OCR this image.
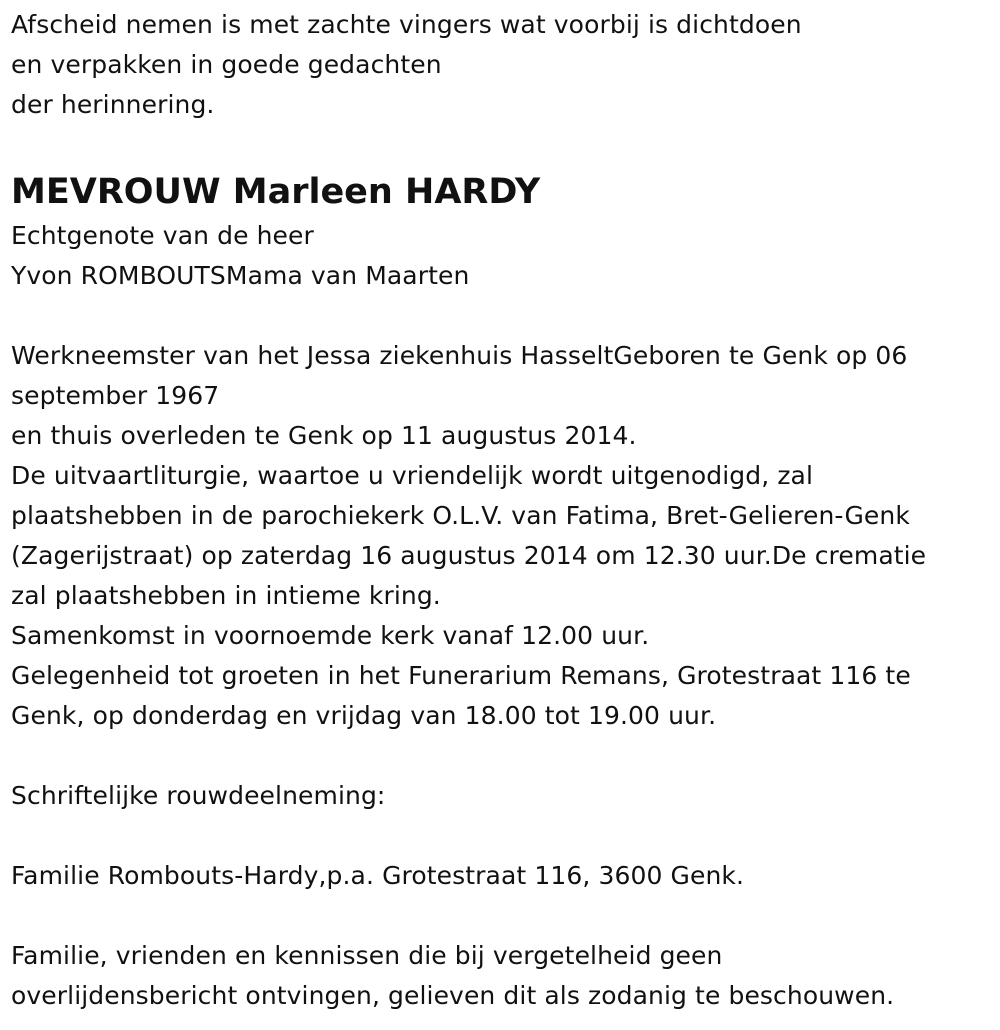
Afscheid nemen is met zachte vingers wat voorbij is dichtdoen
en verpakken in goede gedachten
der herinnering.
MEVROUW Marleen HARDY
Echtgenote van de heer
Yvon ROMBOUTSMama van Maarten
Werkneemster van het Jessa ziekenhuis HasseltGeboren te Genk op 06
september 1967
en thuis overleden te Genk op 11 augustus 2014.
De uitvaartliturgie, waartoe u vriendelijk wordt uitgenodigd, zal
plaatshebben in de parochiekerk O.L.V. van Fatima, Bret-Gelieren-Genk
(Zagerijstraat) op zaterdag 16 augustus 2014 om 12.30 uur.De crematie
zal plaatshebben in intieme kring.
Samenkomst in voornoemde kerk vanaf 12.00 uur.
Gelegenheid tot groeten in het Funerarium Remans, Grotestraat 116 te
Genk, op donderdag en vrijdag van 18.00 tot 19.00 uur.
Schriftelijke rouwdeelneming:
Familie Rombouts-Hardy,p.a. Grotestraat 116, 3600 Genk.
Familie, vrienden en kennissen die bij vergetelheid geen
overlijdensbericht ontvingen, gelieven dit als zodanig te beschouwen.
